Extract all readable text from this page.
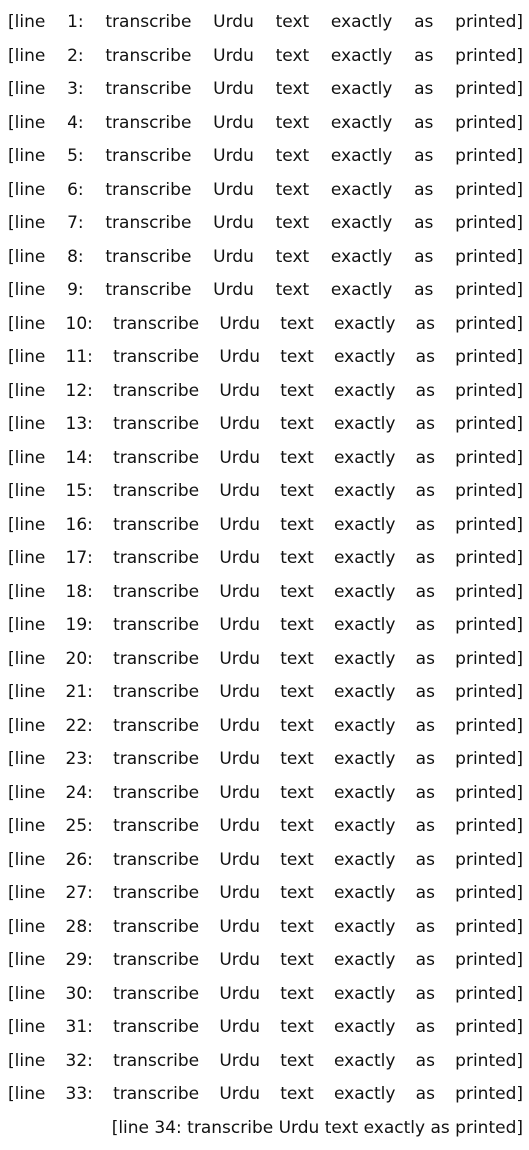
[line 1: transcribe Urdu text exactly as printed]
[line 2: transcribe Urdu text exactly as printed]
[line 3: transcribe Urdu text exactly as printed]
[line 4: transcribe Urdu text exactly as printed]
[line 5: transcribe Urdu text exactly as printed]
[line 6: transcribe Urdu text exactly as printed]
[line 7: transcribe Urdu text exactly as printed]
[line 8: transcribe Urdu text exactly as printed]
[line 9: transcribe Urdu text exactly as printed]
[line 10: transcribe Urdu text exactly as printed]
[line 11: transcribe Urdu text exactly as printed]
[line 12: transcribe Urdu text exactly as printed]
[line 13: transcribe Urdu text exactly as printed]
[line 14: transcribe Urdu text exactly as printed]
[line 15: transcribe Urdu text exactly as printed]
[line 16: transcribe Urdu text exactly as printed]
[line 17: transcribe Urdu text exactly as printed]
[line 18: transcribe Urdu text exactly as printed]
[line 19: transcribe Urdu text exactly as printed]
[line 20: transcribe Urdu text exactly as printed]
[line 21: transcribe Urdu text exactly as printed]
[line 22: transcribe Urdu text exactly as printed]
[line 23: transcribe Urdu text exactly as printed]
[line 24: transcribe Urdu text exactly as printed]
[line 25: transcribe Urdu text exactly as printed]
[line 26: transcribe Urdu text exactly as printed]
[line 27: transcribe Urdu text exactly as printed]
[line 28: transcribe Urdu text exactly as printed]
[line 29: transcribe Urdu text exactly as printed]
[line 30: transcribe Urdu text exactly as printed]
[line 31: transcribe Urdu text exactly as printed]
[line 32: transcribe Urdu text exactly as printed]
[line 33: transcribe Urdu text exactly as printed]
[line 34: transcribe Urdu text exactly as printed]
